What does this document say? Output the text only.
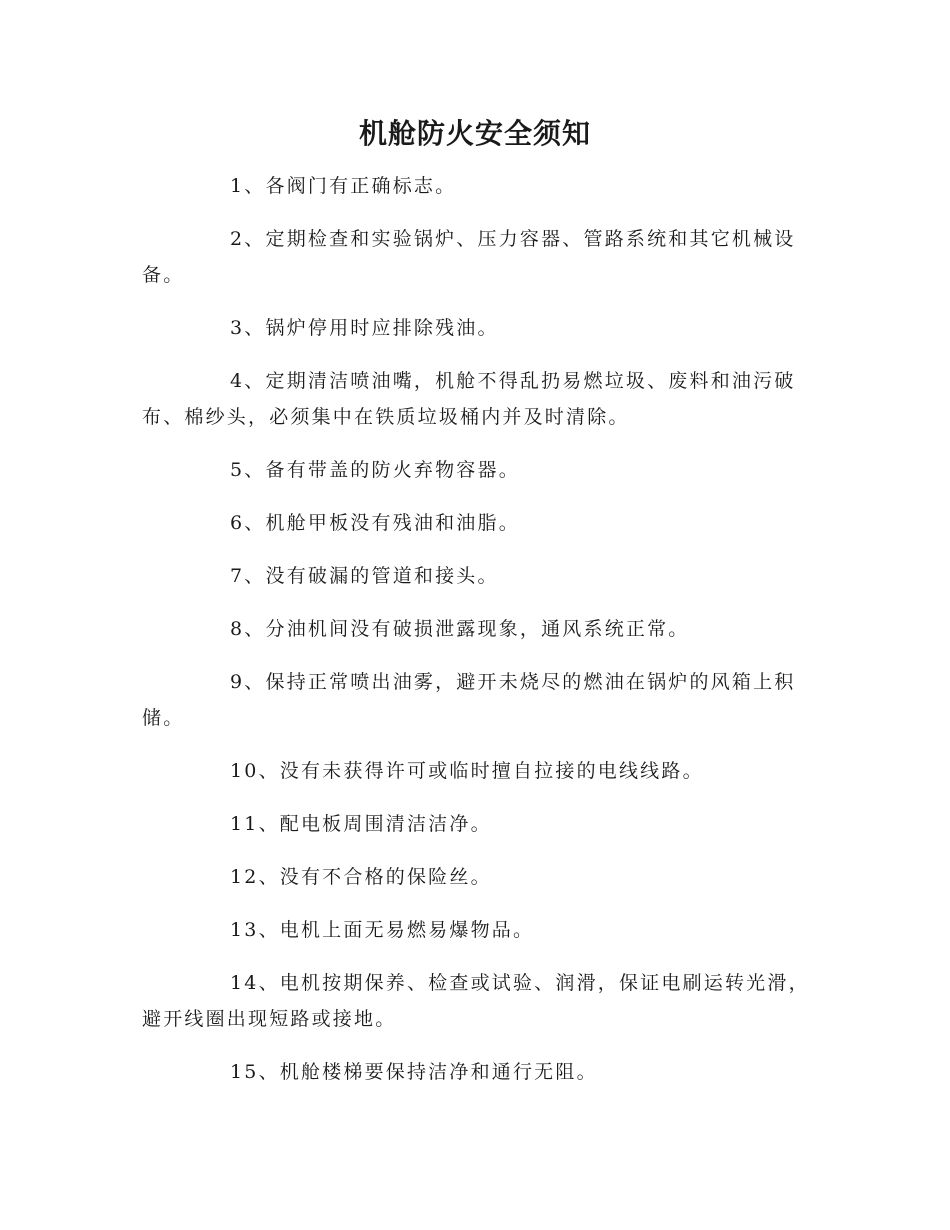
机舱防火安全须知

1、各阀门有正确标志。

2、定期检查和实验锅炉、压力容器、管路系统和其它机械设备。

3、锅炉停用时应排除残油。

4、定期清洁喷油嘴，机舱不得乱扔易燃垃圾、废料和油污破布、棉纱头，必须集中在铁质垃圾桶内并及时清除。

5、备有带盖的防火弃物容器。

6、机舱甲板没有残油和油脂。

7、没有破漏的管道和接头。

8、分油机间没有破损泄露现象，通风系统正常。

9、保持正常喷出油雾，避开未烧尽的燃油在锅炉的风箱上积储。

10、没有未获得许可或临时擅自拉接的电线线路。

11、配电板周围清洁洁净。

12、没有不合格的保险丝。

13、电机上面无易燃易爆物品。

14、电机按期保养、检查或试验、润滑，保证电刷运转光滑，避开线圈出现短路或接地。

15、机舱楼梯要保持洁净和通行无阻。
